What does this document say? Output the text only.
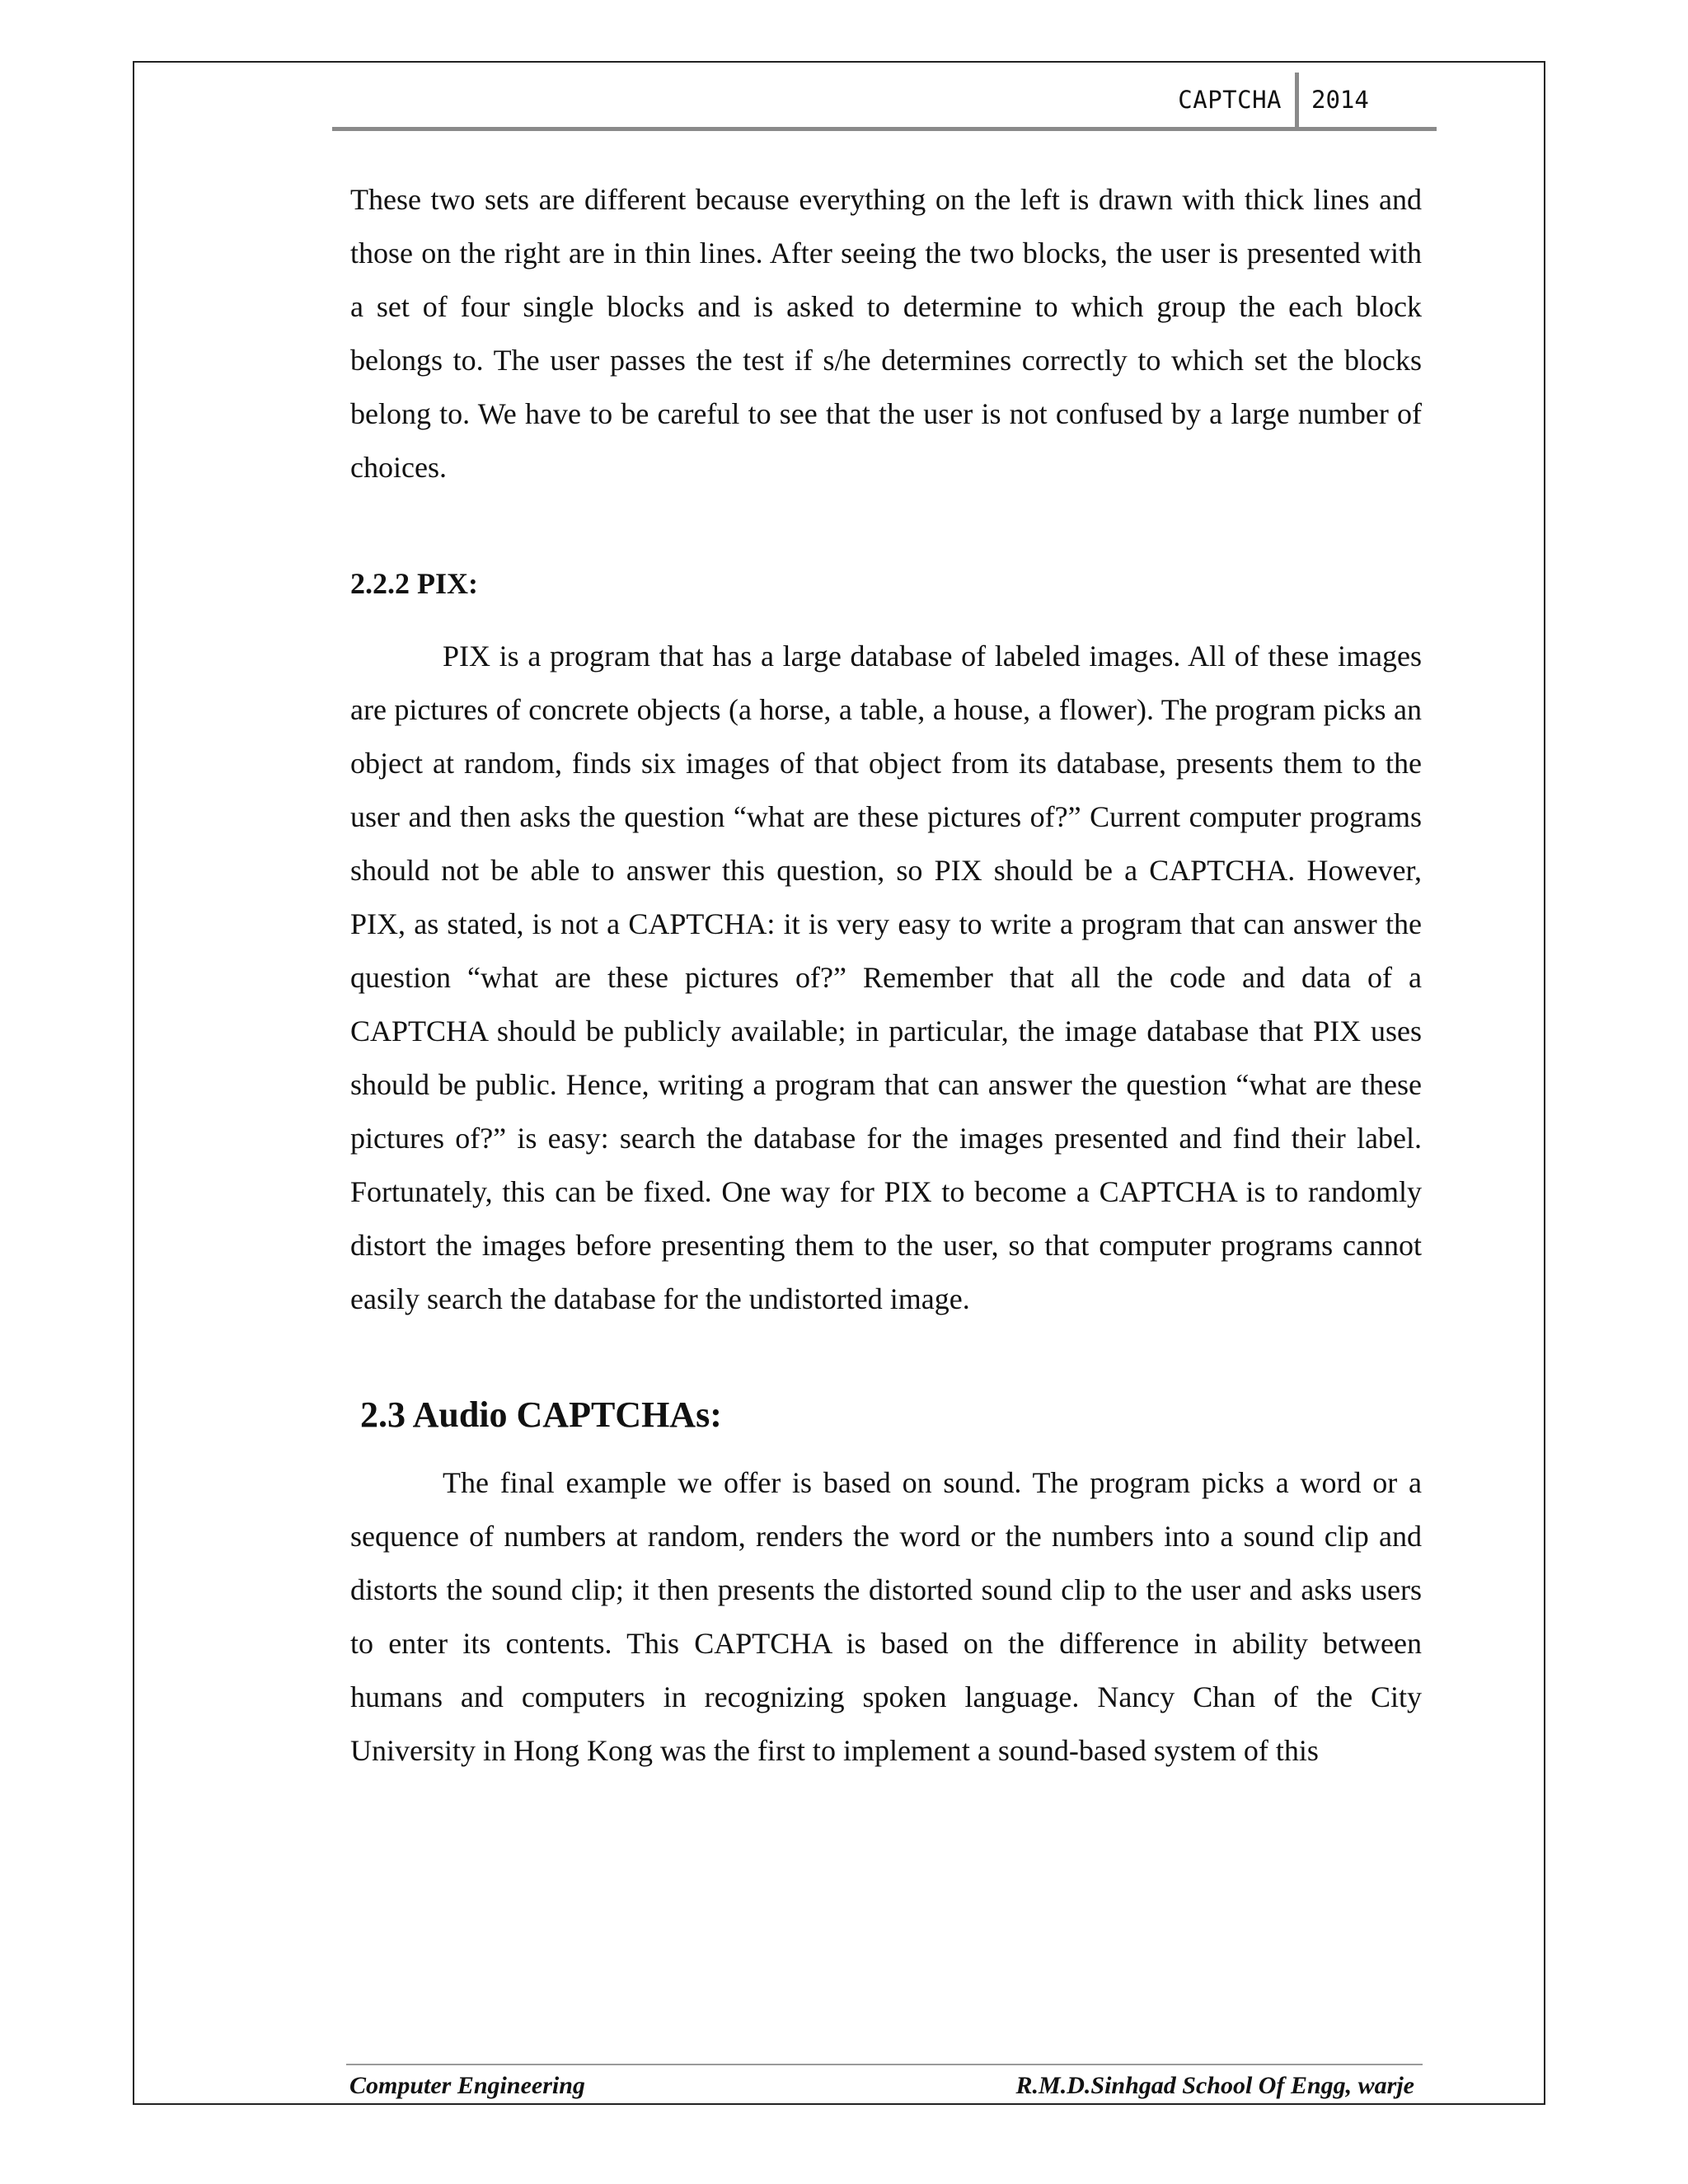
CAPTCHA 2014

These two sets are different because everything on the left is drawn with thick lines and those on the right are in thin lines. After seeing the two blocks, the user is presented with a set of four single blocks and is asked to determine to which group the each block belongs to. The user passes the test if s/he determines correctly to which set the blocks belong to. We have to be careful to see that the user is not confused by a large number of choices.

2.2.2 PIX:

PIX is a program that has a large database of labeled images. All of these images are pictures of concrete objects (a horse, a table, a house, a flower). The program picks an object at random, finds six images of that object from its database, presents them to the user and then asks the question “what are these pictures of?” Current computer programs should not be able to answer this question, so PIX should be a CAPTCHA. However, PIX, as stated, is not a CAPTCHA: it is very easy to write a program that can answer the question “what are these pictures of?” Remember that all the code and data of a CAPTCHA should be publicly available; in particular, the image database that PIX uses should be public. Hence, writing a program that can answer the question “what are these pictures of?” is easy: search the database for the images presented and find their label. Fortunately, this can be fixed. One way for PIX to become a CAPTCHA is to randomly distort the images before presenting them to the user, so that computer programs cannot easily search the database for the undistorted image.

2.3 Audio CAPTCHAs:

The final example we offer is based on sound. The program picks a word or a sequence of numbers at random, renders the word or the numbers into a sound clip and distorts the sound clip; it then presents the distorted sound clip to the user and asks users to enter its contents. This CAPTCHA is based on the difference in ability between humans and computers in recognizing spoken language. Nancy Chan of the City University in Hong Kong was the first to implement a sound-based system of this

Computer Engineering	R.M.D.Sinhgad School Of Engg, warje
